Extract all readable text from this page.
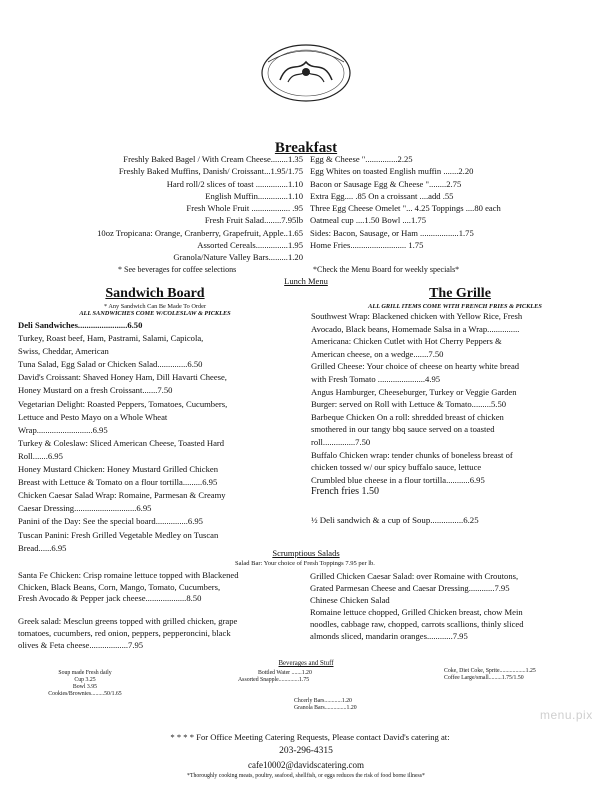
Breakfast
Freshly Baked Bagel / With Cream Cheese........1.35
Freshly Baked Muffins, Danish/ Croissant...1.95/1.75
Hard roll/2 slices of toast ...............1.10
English Muffin..............1.10
Fresh Whole Fruit .................. .95
Fresh Fruit Salad........7.95lb
10oz Tropicana: Orange, Cranberry, Grapefruit, Apple..1.65
Assorted Cereals...............1.95
Granola/Nature Valley Bars.........1.20
Egg & Cheese "...............2.25
Egg Whites on toasted English muffin .......2.20
Bacon or Sausage Egg & Cheese "........2.75
Extra Egg.... .85 On a croissant ....add .55
Three Egg Cheese Omelet "... 4.25 Toppings ....80 each
Oatmeal cup ....1.50 Bowl ....1.75
Sides: Bacon, Sausage, or Ham ..................1.75
Home Fries.......................... 1.75
* See beverages for coffee selections	*Check the Menu Board for weekly specials*
Lunch Menu
Sandwich Board
* Any Sandwich Can Be Made To Order
ALL SANDWICHES COME W/COLESLAW & PICKLES
Deli Sandwiches.......................6.50
Turkey, Roast beef, Ham, Pastrami, Salami, Capicola,
Swiss, Cheddar, American
Tuna Salad, Egg Salad or Chicken Salad..............6.50
David's Croissant: Shaved Honey Ham, Dill Havarti Cheese,
Honey Mustard on a fresh Croissant.......7.50
Vegetarian Delight: Roasted Peppers, Tomatoes, Cucumbers,
Lettuce and Pesto Mayo on a Whole Wheat
Wrap..........................6.95
Turkey & Coleslaw: Sliced American Cheese, Toasted Hard
Roll.......6.95
Honey Mustard Chicken: Honey Mustard Grilled Chicken
Breast with Lettuce & Tomato on a flour tortilla.........6.95
Chicken Caesar Salad Wrap: Romaine, Parmesan & Creamy
Caesar Dressing.............................6.95
Panini of the Day: See the special board...............6.95
Tuscan Panini: Fresh Grilled Vegetable Medley on Tuscan
Bread......6.95
The Grille
ALL GRILL ITEMS COME WITH FRENCH FRIES & PICKLES
Southwest Wrap: Blackened chicken with Yellow Rice, Fresh
Avocado, Black beans, Homemade Salsa in a Wrap...............
Americana: Chicken Cutlet with Hot Cherry Peppers &
American cheese, on a wedge.......7.50
Grilled Cheese: Your choice of cheese on hearty white bread
with Fresh Tomato ......................4.95
Angus Hamburger, Cheeseburger, Turkey or Veggie Garden
Burger: served on Roll with Lettuce & Tomato.........5.50
Barbeque Chicken On a roll: shredded breast of chicken
smothered in our tangy bbq sauce served on a toasted
roll...............7.50
Buffalo Chicken wrap: tender chunks of boneless breast of
chicken tossed w/ our spicy buffalo sauce, lettuce
Crumbled blue cheese in a flour tortilla...........6.95
French fries 1.50
½ Deli sandwich & a cup of Soup...............6.25
Scrumptious Salads
Salad Bar: Your choice of Fresh Toppings 7.95 per lb.
Santa Fe Chicken: Crisp romaine lettuce topped with Blackened
Chicken, Black Beans, Corn, Mango, Tomato, Cucumbers,
Fresh Avocado & Pepper jack cheese...................8.50
Greek salad: Mesclun greens topped with grilled chicken, grape
tomatoes, cucumbers, red onion, peppers, pepperoncini, black
olives & Feta cheese..................7.95
Grilled Chicken Caesar Salad: over Romaine with Croutons,
Grated Parmesan Cheese and Caesar Dressing............7.95
Chinese Chicken Salad
Romaine lettuce chopped, Grilled Chicken breast, chow Mein
noodles, cabbage raw, chopped, carrots scallions, thinly sliced
almonds sliced, mandarin oranges............7.95
Beverages and Stuff
Soup made Fresh daily
Cup 3.25
Bowl 3.95
Cookies/Brownies.........50/1.65
Bottled Water .......1.20
Assorted Snapple..............1.75
Chcerly Bars............1.20
Granola Bars...............1.20
Coke, Diet Coke, Sprite..................1.25
Coffee Large/small.........1.75/1.50
menu.pix
* * * * For Office Meeting Catering Requests, Please contact David's catering at:
203-296-4315
cafe10002@davidscatering.com
*Thoroughly cooking meats, poultry, seafood, shellfish, or eggs reduces the risk of food borne illness*
